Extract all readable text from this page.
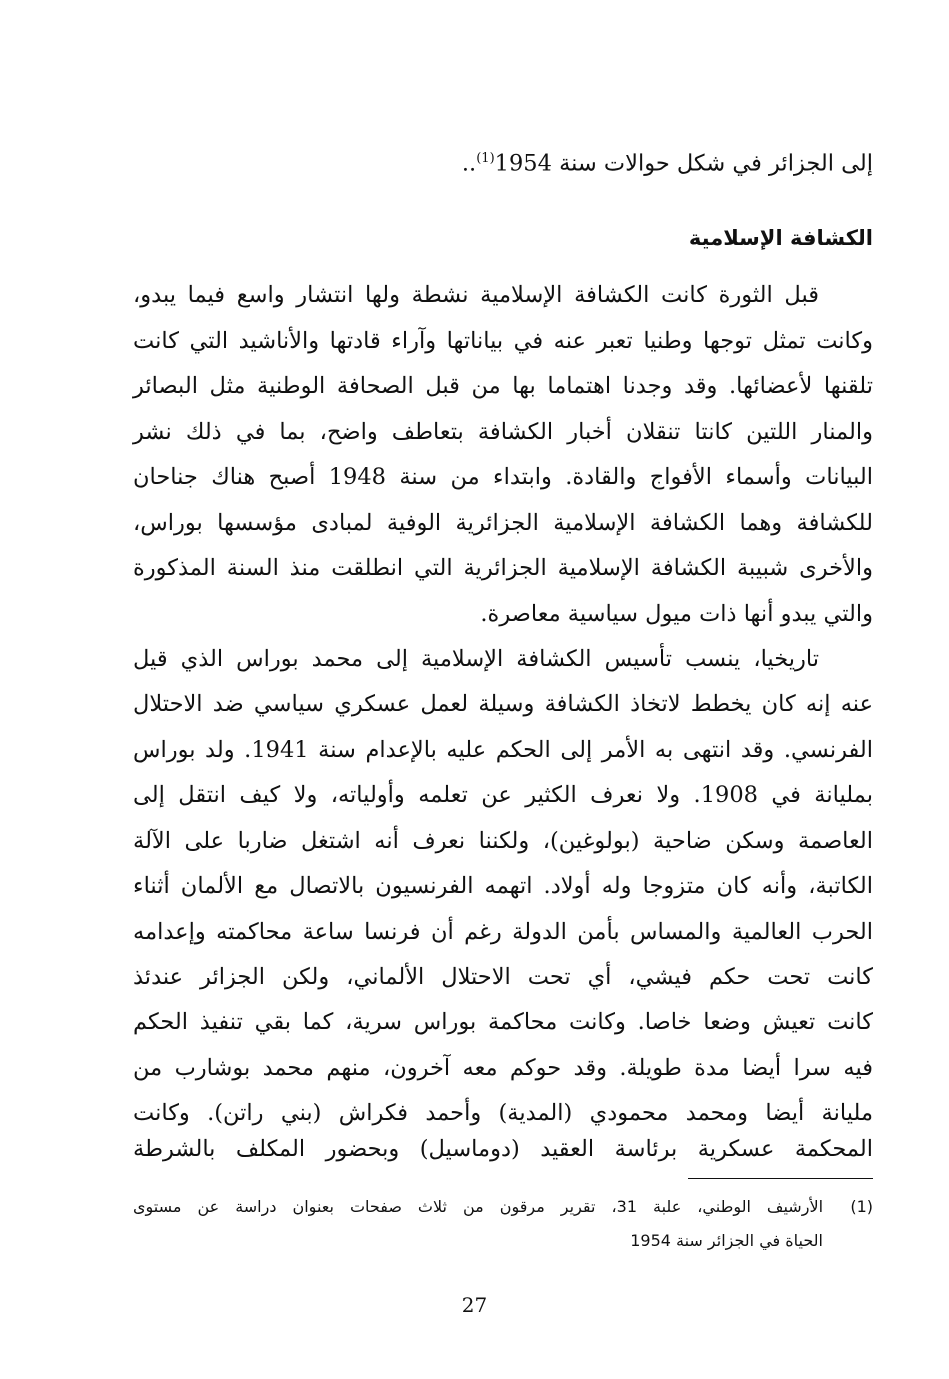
إلى الجزائر في شكل حوالات سنة 1954$^{(1)}$..
الكشافة الإسلامية
قبل الثورة كانت الكشافة الإسلامية نشطة ولها انتشار واسع فيما يبدو،
وكانت تمثل توجها وطنيا تعبر عنه في بياناتها وآراء قادتها والأناشيد التي كانت
تلقنها لأعضائها. وقد وجدنا اهتماما بها من قبل الصحافة الوطنية مثل البصائر
والمنار اللتين كانتا تنقلان أخبار الكشافة بتعاطف واضح، بما في ذلك نشر
البيانات وأسماء الأفواج والقادة. وابتداء من سنة 1948 أصبح هناك جناحان
للكشافة وهما الكشافة الإسلامية الجزائرية الوفية لمبادى مؤسسها بوراس،
والأخرى شبيبة الكشافة الإسلامية الجزائرية التي انطلقت منذ السنة المذكورة
والتي يبدو أنها ذات ميول سياسية معاصرة.
تاريخيا، ينسب تأسيس الكشافة الإسلامية إلى محمد بوراس الذي قيل
عنه إنه كان يخطط لاتخاذ الكشافة وسيلة لعمل عسكري سياسي ضد الاحتلال
الفرنسي. وقد انتهى به الأمر إلى الحكم عليه بالإعدام سنة 1941. ولد بوراس
بمليانة في 1908. ولا نعرف الكثير عن تعلمه وأولياته، ولا كيف انتقل إلى
العاصمة وسكن ضاحية (بولوغين)، ولكننا نعرف أنه اشتغل ضاربا على الآلة
الكاتبة، وأنه كان متزوجا وله أولاد. اتهمه الفرنسيون بالاتصال مع الألمان أثناء
الحرب العالمية والمساس بأمن الدولة رغم أن فرنسا ساعة محاكمته وإعدامه
كانت تحت حكم فيشي، أي تحت الاحتلال الألماني، ولكن الجزائر عندئذ
كانت تعيش وضعا خاصا. وكانت محاكمة بوراس سرية، كما بقي تنفيذ الحكم
فيه سرا أيضا مدة طويلة. وقد حوكم معه آخرون، منهم محمد بوشارب من
مليانة أيضا ومحمد محمودي (المدية) وأحمد فكراش (بني راتن). وكانت
المحكمة عسكرية برئاسة العقيد (دوماسيل) وبحضور المكلف بالشرطة
(1)
الأرشيف الوطني، علبة 31، تقرير مرقون من ثلاث صفحات بعنوان دراسة عن مستوى
الحياة في الجزائر سنة 1954
27
